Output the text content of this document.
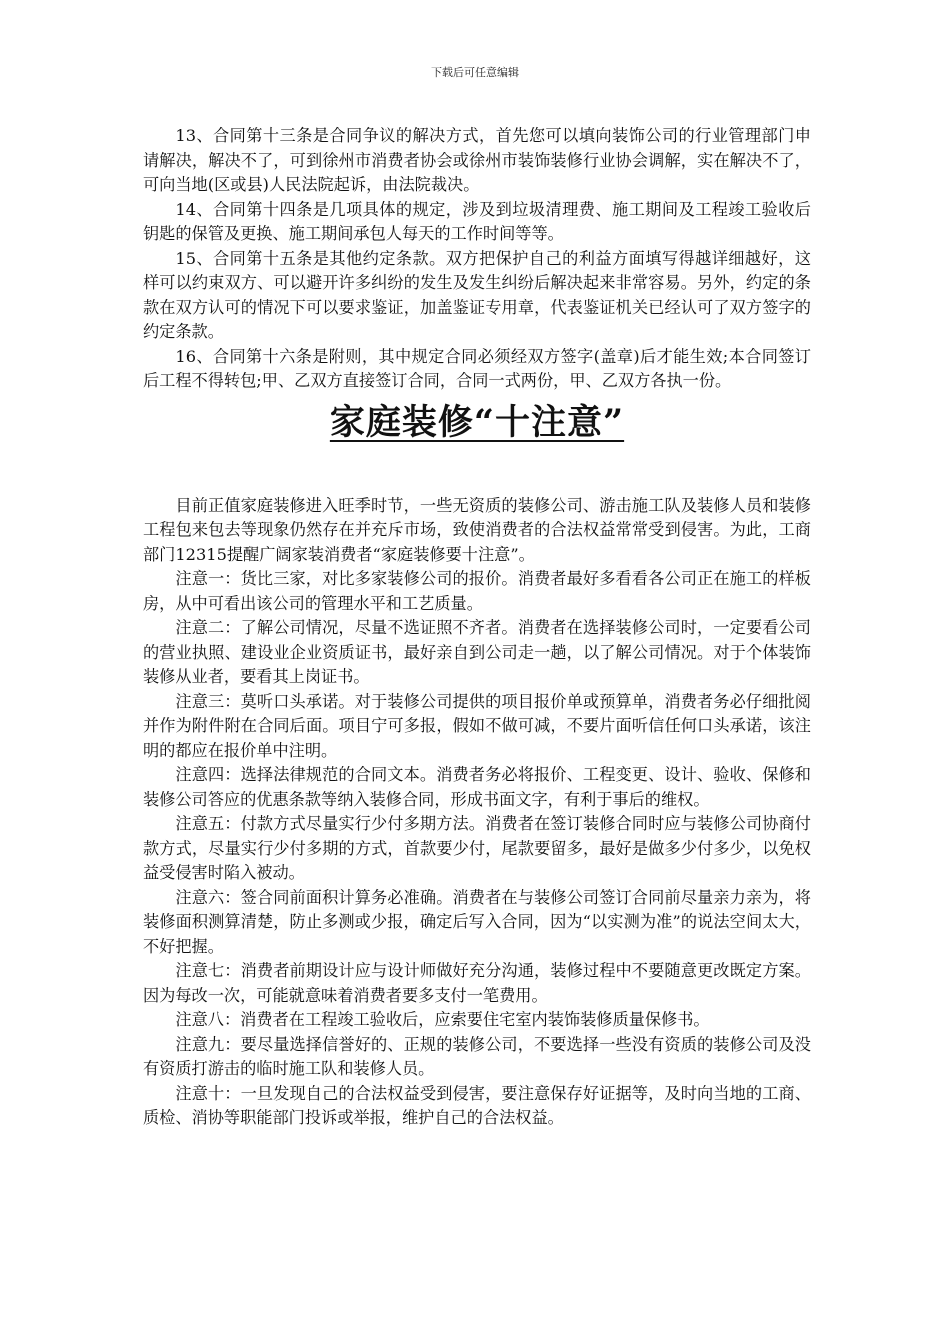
下载后可任意编辑

13、合同第十三条是合同争议的解决方式，首先您可以填向装饰公司的行业管理部门申请解决，解决不了，可到徐州市消费者协会或徐州市装饰装修行业协会调解，实在解决不了，可向当地(区或县)人民法院起诉，由法院裁决。

14、合同第十四条是几项具体的规定，涉及到垃圾清理费、施工期间及工程竣工验收后钥匙的保管及更换、施工期间承包人每天的工作时间等等。

15、合同第十五条是其他约定条款。双方把保护自己的利益方面填写得越详细越好，这样可以约束双方、可以避开许多纠纷的发生及发生纠纷后解决起来非常容易。另外，约定的条款在双方认可的情况下可以要求鉴证，加盖鉴证专用章，代表鉴证机关已经认可了双方签字的约定条款。

16、合同第十六条是附则，其中规定合同必须经双方签字(盖章)后才能生效;本合同签订后工程不得转包;甲、乙双方直接签订合同，合同一式两份，甲、乙双方各执一份。

家庭装修“十注意”

目前正值家庭装修进入旺季时节，一些无资质的装修公司、游击施工队及装修人员和装修工程包来包去等现象仍然存在并充斥市场，致使消费者的合法权益常常受到侵害。为此，工商部门12315提醒广阔家装消费者“家庭装修要十注意”。

注意一：货比三家，对比多家装修公司的报价。消费者最好多看看各公司正在施工的样板房，从中可看出该公司的管理水平和工艺质量。

注意二：了解公司情况，尽量不选证照不齐者。消费者在选择装修公司时，一定要看公司的营业执照、建设业企业资质证书，最好亲自到公司走一趟，以了解公司情况。对于个体装饰装修从业者，要看其上岗证书。

注意三：莫听口头承诺。对于装修公司提供的项目报价单或预算单，消费者务必仔细批阅并作为附件附在合同后面。项目宁可多报，假如不做可减，不要片面听信任何口头承诺，该注明的都应在报价单中注明。

注意四：选择法律规范的合同文本。消费者务必将报价、工程变更、设计、验收、保修和装修公司答应的优惠条款等纳入装修合同，形成书面文字，有利于事后的维权。

注意五：付款方式尽量实行少付多期方法。消费者在签订装修合同时应与装修公司协商付款方式，尽量实行少付多期的方式，首款要少付，尾款要留多，最好是做多少付多少，以免权益受侵害时陷入被动。

注意六：签合同前面积计算务必准确。消费者在与装修公司签订合同前尽量亲力亲为，将装修面积测算清楚，防止多测或少报，确定后写入合同，因为“以实测为准”的说法空间太大，不好把握。

注意七：消费者前期设计应与设计师做好充分沟通，装修过程中不要随意更改既定方案。因为每改一次，可能就意味着消费者要多支付一笔费用。

注意八：消费者在工程竣工验收后，应索要住宅室内装饰装修质量保修书。

注意九：要尽量选择信誉好的、正规的装修公司，不要选择一些没有资质的装修公司及没有资质打游击的临时施工队和装修人员。

注意十：一旦发现自己的合法权益受到侵害，要注意保存好证据等，及时向当地的工商、质检、消协等职能部门投诉或举报，维护自己的合法权益。
